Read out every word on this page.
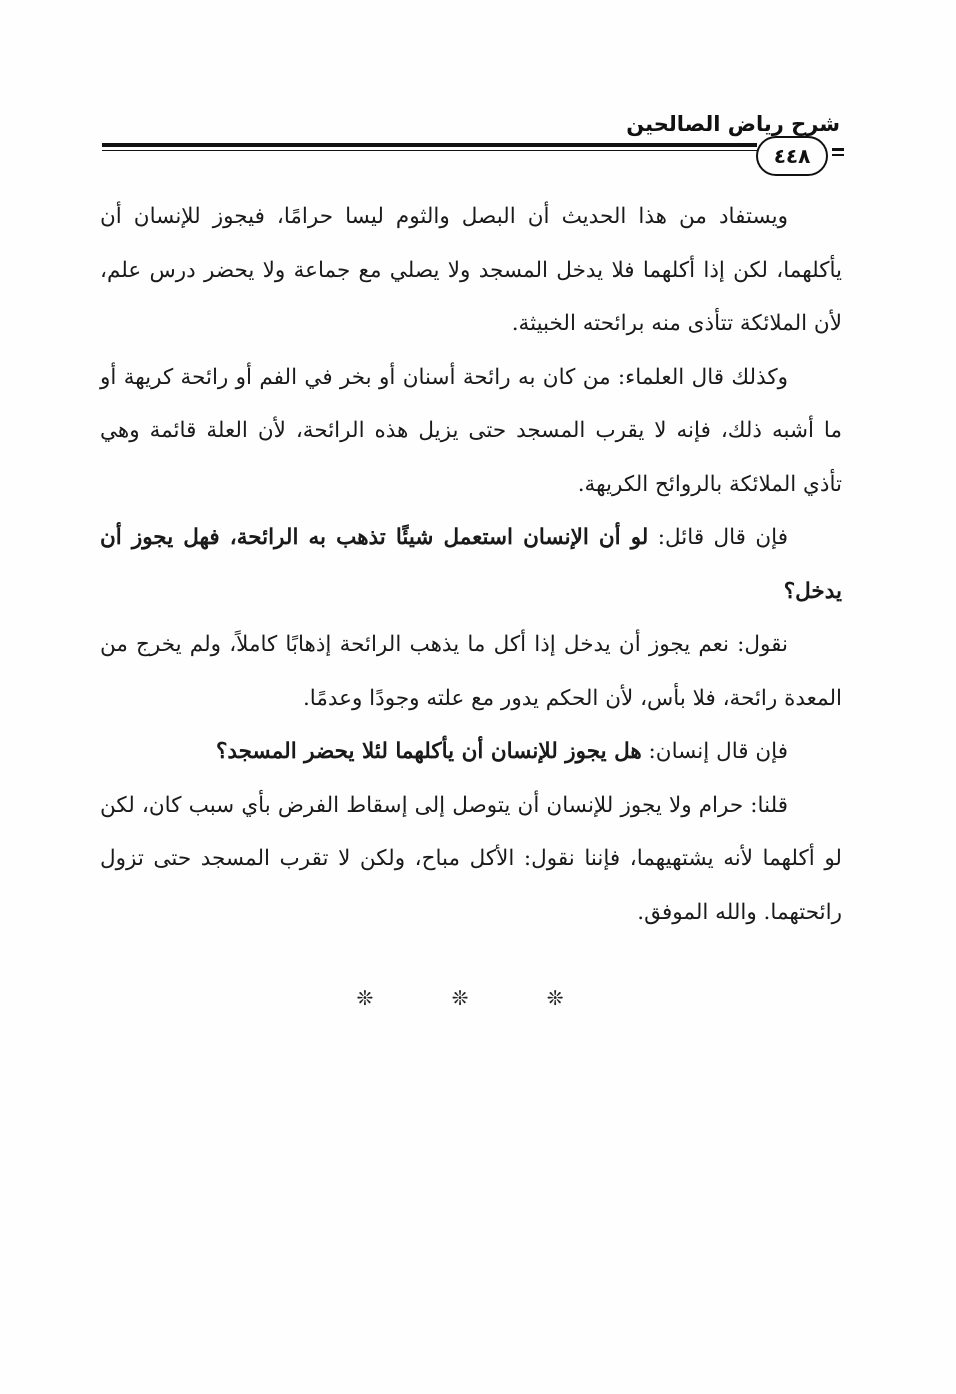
شرح رياض الصالحين
٤٤٨

ويستفاد من هذا الحديث أن البصل والثوم ليسا حرامًا، فيجوز للإنسان أن يأكلهما، لكن إذا أكلهما فلا يدخل المسجد ولا يصلي مع جماعة ولا يحضر درس علم، لأن الملائكة تتأذى منه برائحته الخبيثة.

وكذلك قال العلماء: من كان به رائحة أسنان أو بخر في الفم أو رائحة كريهة أو ما أشبه ذلك، فإنه لا يقرب المسجد حتى يزيل هذه الرائحة، لأن العلة قائمة وهي تأذي الملائكة بالروائح الكريهة.

فإن قال قائل: لو أن الإنسان استعمل شيئًا تذهب به الرائحة، فهل يجوز أن يدخل؟

نقول: نعم يجوز أن يدخل إذا أكل ما يذهب الرائحة إذهابًا كاملاً، ولم يخرج من المعدة رائحة، فلا بأس، لأن الحكم يدور مع علته وجودًا وعدمًا.

فإن قال إنسان: هل يجوز للإنسان أن يأكلهما لئلا يحضر المسجد؟

قلنا: حرام ولا يجوز للإنسان أن يتوصل إلى إسقاط الفرض بأي سبب كان، لكن لو أكلهما لأنه يشتهيهما، فإننا نقول: الأكل مباح، ولكن لا تقرب المسجد حتى تزول رائحتهما. والله الموفق.

❊ ❊ ❊
